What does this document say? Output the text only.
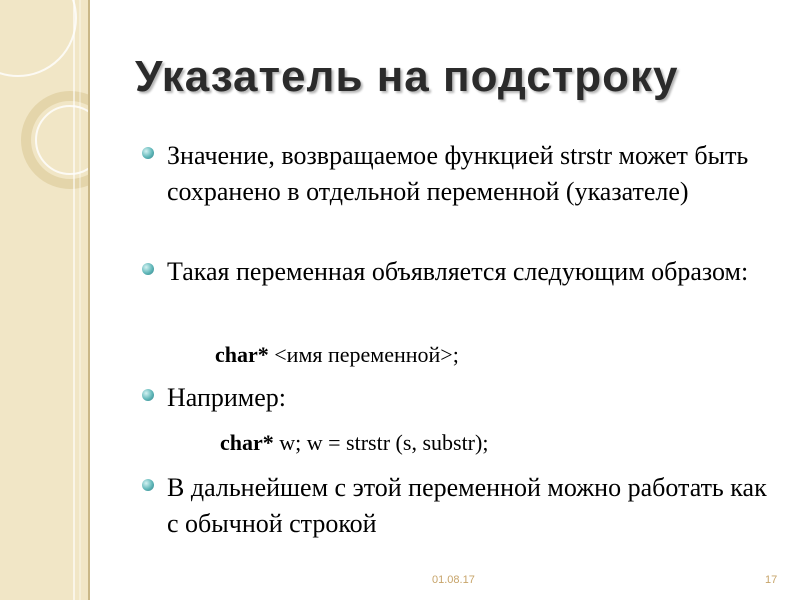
Указатель на подстроку
Значение, возвращаемое функцией strstr может быть сохранено в отдельной переменной (указателе)
Такая переменная объявляется следующим образом:
char* <имя переменной>;
Например:
char* w; w = strstr (s, substr);
В дальнейшем с этой переменной можно работать как с обычной строкой
01.08.17	17
